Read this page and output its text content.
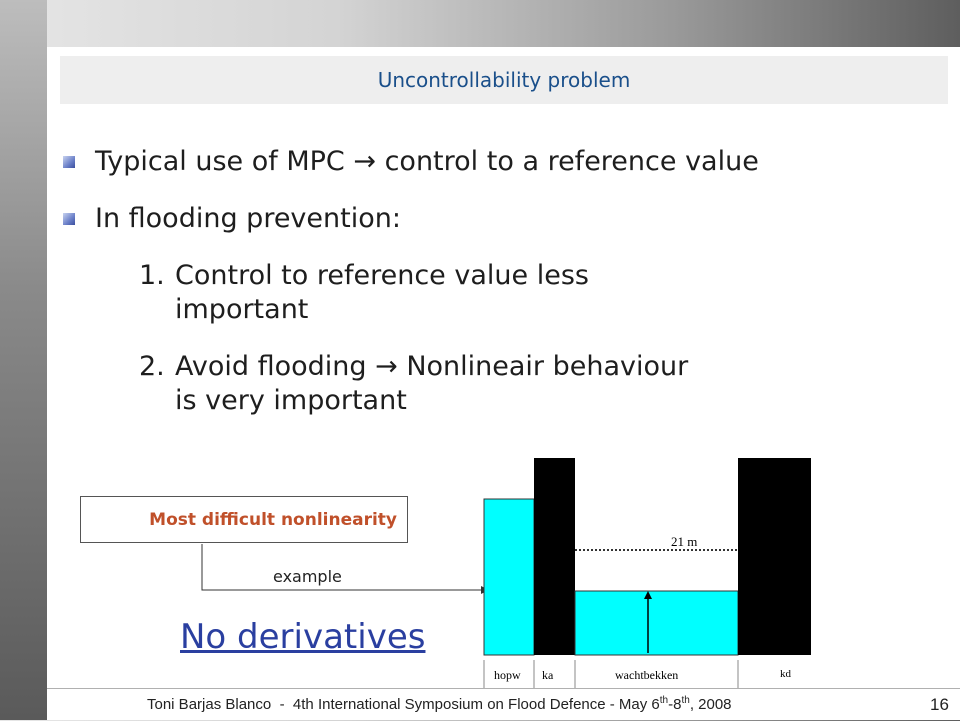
Uncontrollability problem
Typical use of MPC → control to a reference value
In flooding prevention:
1. Control to reference value less
important
2. Avoid flooding → Nonlineair behaviour
is very important
Most difficult nonlinearity
example
No derivatives
21 m
hopw ka	wachtbekken	kd
Toni Barjas Blanco - 4th International Symposium on Flood Defence - May 6th-8th, 2008	16
